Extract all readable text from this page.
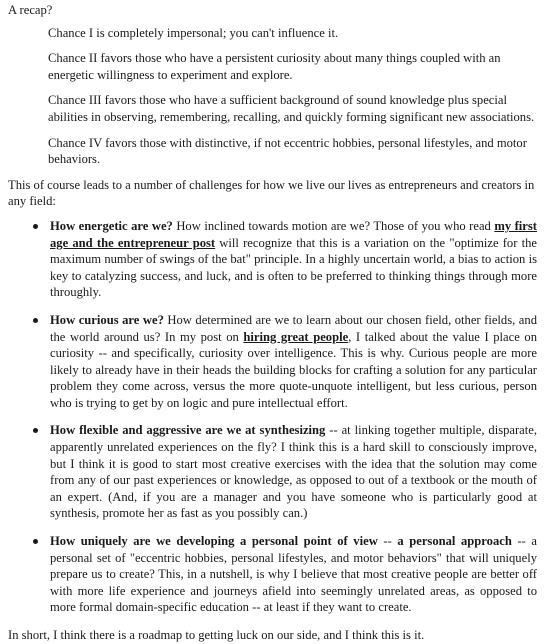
A recap?

Chance I is completely impersonal; you can't influence it.

Chance II favors those who have a persistent curiosity about many things coupled with an energetic willingness to experiment and explore.

Chance III favors those who have a sufficient background of sound knowledge plus special abilities in observing, remembering, recalling, and quickly forming significant new associations.

Chance IV favors those with distinctive, if not eccentric hobbies, personal lifestyles, and motor behaviors.

This of course leads to a number of challenges for how we live our lives as entrepreneurs and creators in any field:

How energetic are we? How inclined towards motion are we? Those of you who read my first age and the entrepreneur post will recognize that this is a variation on the "optimize for the maximum number of swings of the bat" principle. In a highly uncertain world, a bias to action is key to catalyzing success, and luck, and is often to be preferred to thinking things through more throughly.
How curious are we? How determined are we to learn about our chosen field, other fields, and the world around us? In my post on hiring great people, I talked about the value I place on curiosity -- and specifically, curiosity over intelligence. This is why. Curious people are more likely to already have in their heads the building blocks for crafting a solution for any particular problem they come across, versus the more quote-unquote intelligent, but less curious, person who is trying to get by on logic and pure intellectual effort.
How flexible and aggressive are we at synthesizing -- at linking together multiple, disparate, apparently unrelated experiences on the fly? I think this is a hard skill to consciously improve, but I think it is good to start most creative exercises with the idea that the solution may come from any of our past experiences or knowledge, as opposed to out of a textbook or the mouth of an expert. (And, if you are a manager and you have someone who is particularly good at synthesis, promote her as fast as you possibly can.)
How uniquely are we developing a personal point of view -- a personal approach -- a personal set of "eccentric hobbies, personal lifestyles, and motor behaviors" that will uniquely prepare us to create? This, in a nutshell, is why I believe that most creative people are better off with more life experience and journeys afield into seemingly unrelated areas, as opposed to more formal domain-specific education -- at least if they want to create.

In short, I think there is a roadmap to getting luck on our side, and I think this is it.
